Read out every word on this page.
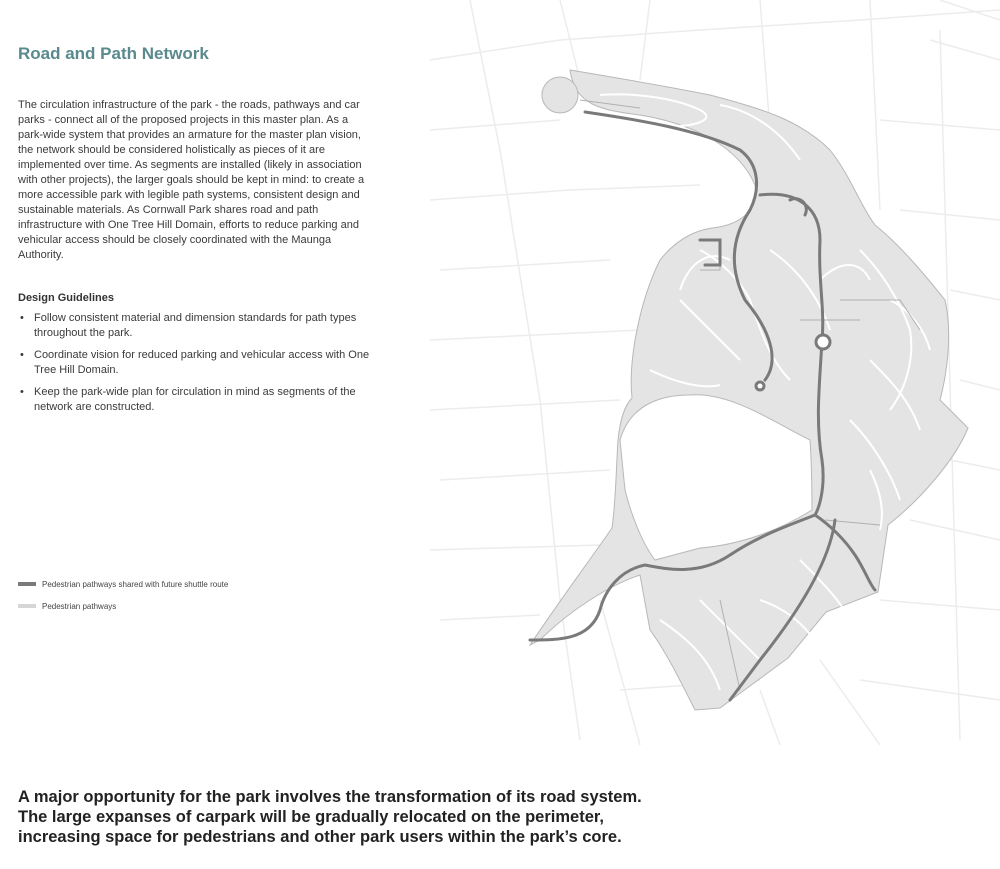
Road and Path Network

The circulation infrastructure of the park - the roads, pathways and car parks - connect all of the proposed projects in this master plan. As a park-wide system that provides an armature for the master plan vision, the network should be considered holistically as pieces of it are implemented over time. As segments are installed (likely in association with other projects), the larger goals should be kept in mind: to create a more accessible park with legible path systems, consistent design and sustainable materials. As Cornwall Park shares road and path infrastructure with One Tree Hill Domain, efforts to reduce parking and vehicular access should be closely coordinated with the Maunga Authority.

Design Guidelines
• Follow consistent material and dimension standards for path types throughout the park.
• Coordinate vision for reduced parking and vehicular access with One Tree Hill Domain.
• Keep the park-wide plan for circulation in mind as segments of the network are constructed.
Pedestrian pathways shared with future shuttle route
Pedestrian pathways

A major opportunity for the park involves the transformation of its road system. The large expanses of carpark will be gradually relocated on the perimeter, increasing space for pedestrians and other park users within the park’s core.
